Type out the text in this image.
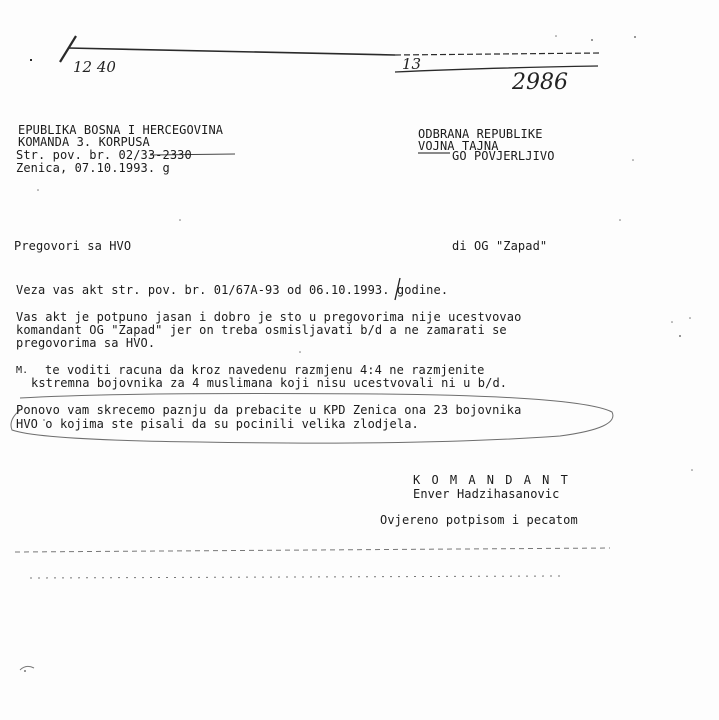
12 40	13
2986
EPUBLIKA BOSNA I HERCEGOVINA
KOMANDA 3. KORPUSA
Str. pov. br. 02/33-2330
Zenica, 07.10.1993. g
ODBRANA REPUBLIKE
VOJNA TAJNA
GO POVJERLJIVO
Pregovori sa HVO	di OG "Zapad"
Veza vas akt str. pov. br. 01/67A-93 od 06.10.1993. godine.
Vas akt je potpuno jasan i dobro je sto u pregovorima nije ucestvovao
komandant OG "Zapad" jer on treba osmisljavati b/d a ne zamarati se
pregovorima sa HVO.
M. te voditi racuna da kroz navedenu razmjenu 4:4 ne razmjenite
kstremna bojovnika za 4 muslimana koji nisu ucestvovali ni u b/d.
Ponovo vam skrecemo paznju da prebacite u KPD Zenica ona 23 bojovnika
HVO o kojima ste pisali da su pocinili velika zlodjela.
K O M A N D A N T
Enver Hadzihasanovic
Ovjereno potpisom i pecatom
